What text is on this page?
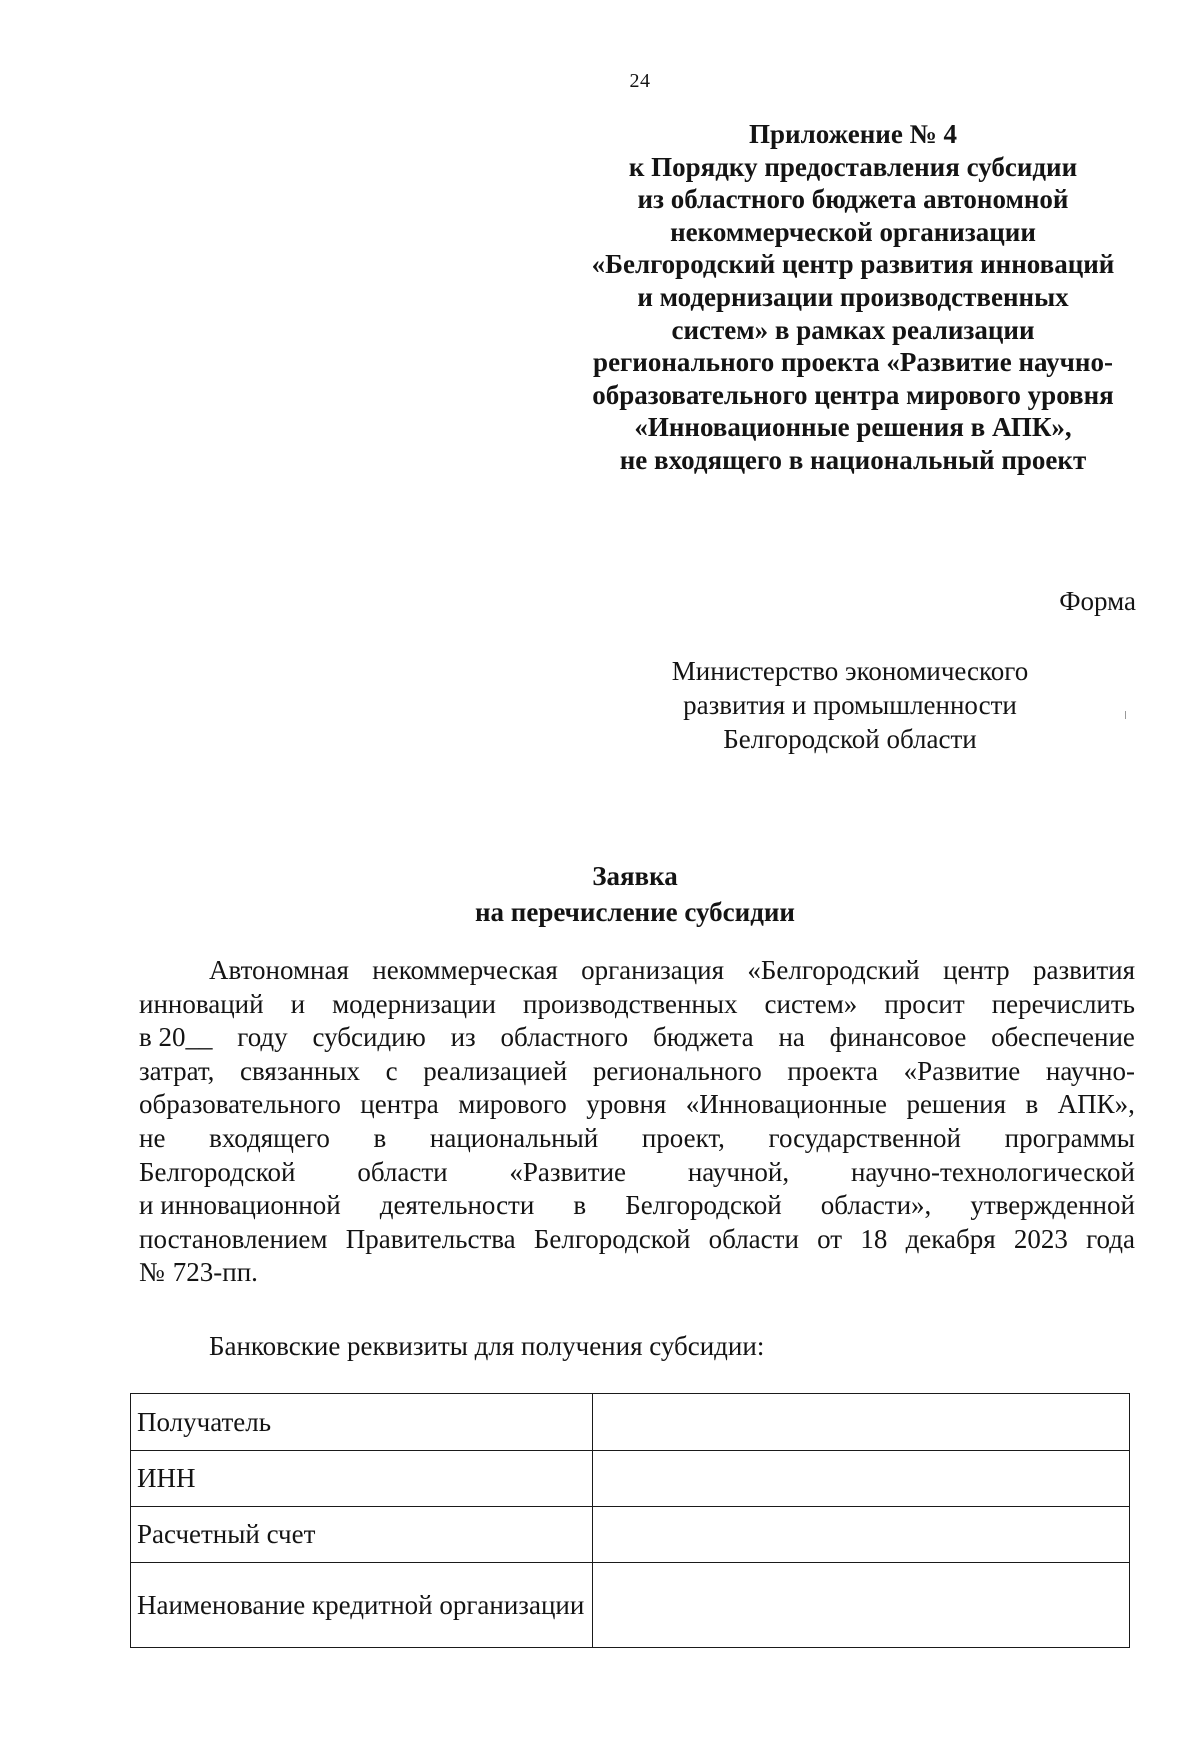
24
Приложение № 4
к Порядку предоставления субсидии
из областного бюджета автономной
некоммерческой организации
«Белгородский центр развития инноваций
и модернизации производственных
систем» в рамках реализации
регионального проекта «Развитие научно-
образовательного центра мирового уровня
«Инновационные решения в АПК»,
не входящего в национальный проект
Форма
Министерство экономического
развития и промышленности
Белгородской области
Заявка
на перечисление субсидии
Автономная некоммерческая организация «Белгородский центр развития
инноваций и модернизации производственных систем» просит перечислить
в 20__ году субсидию из областного бюджета на финансовое обеспечение
затрат, связанных с реализацией регионального проекта «Развитие научно-
образовательного центра мирового уровня «Инновационные решения в АПК»,
не входящего в национальный проект, государственной программы
Белгородской области «Развитие научной, научно-технологической
и инновационной деятельности в Белгородской области», утвержденной
постановлением Правительства Белгородской области от 18 декабря 2023 года
№ 723-пп.
Банковские реквизиты для получения субсидии:
Получатель	
ИНН	
Расчетный счет	
Наименование кредитной организации	
